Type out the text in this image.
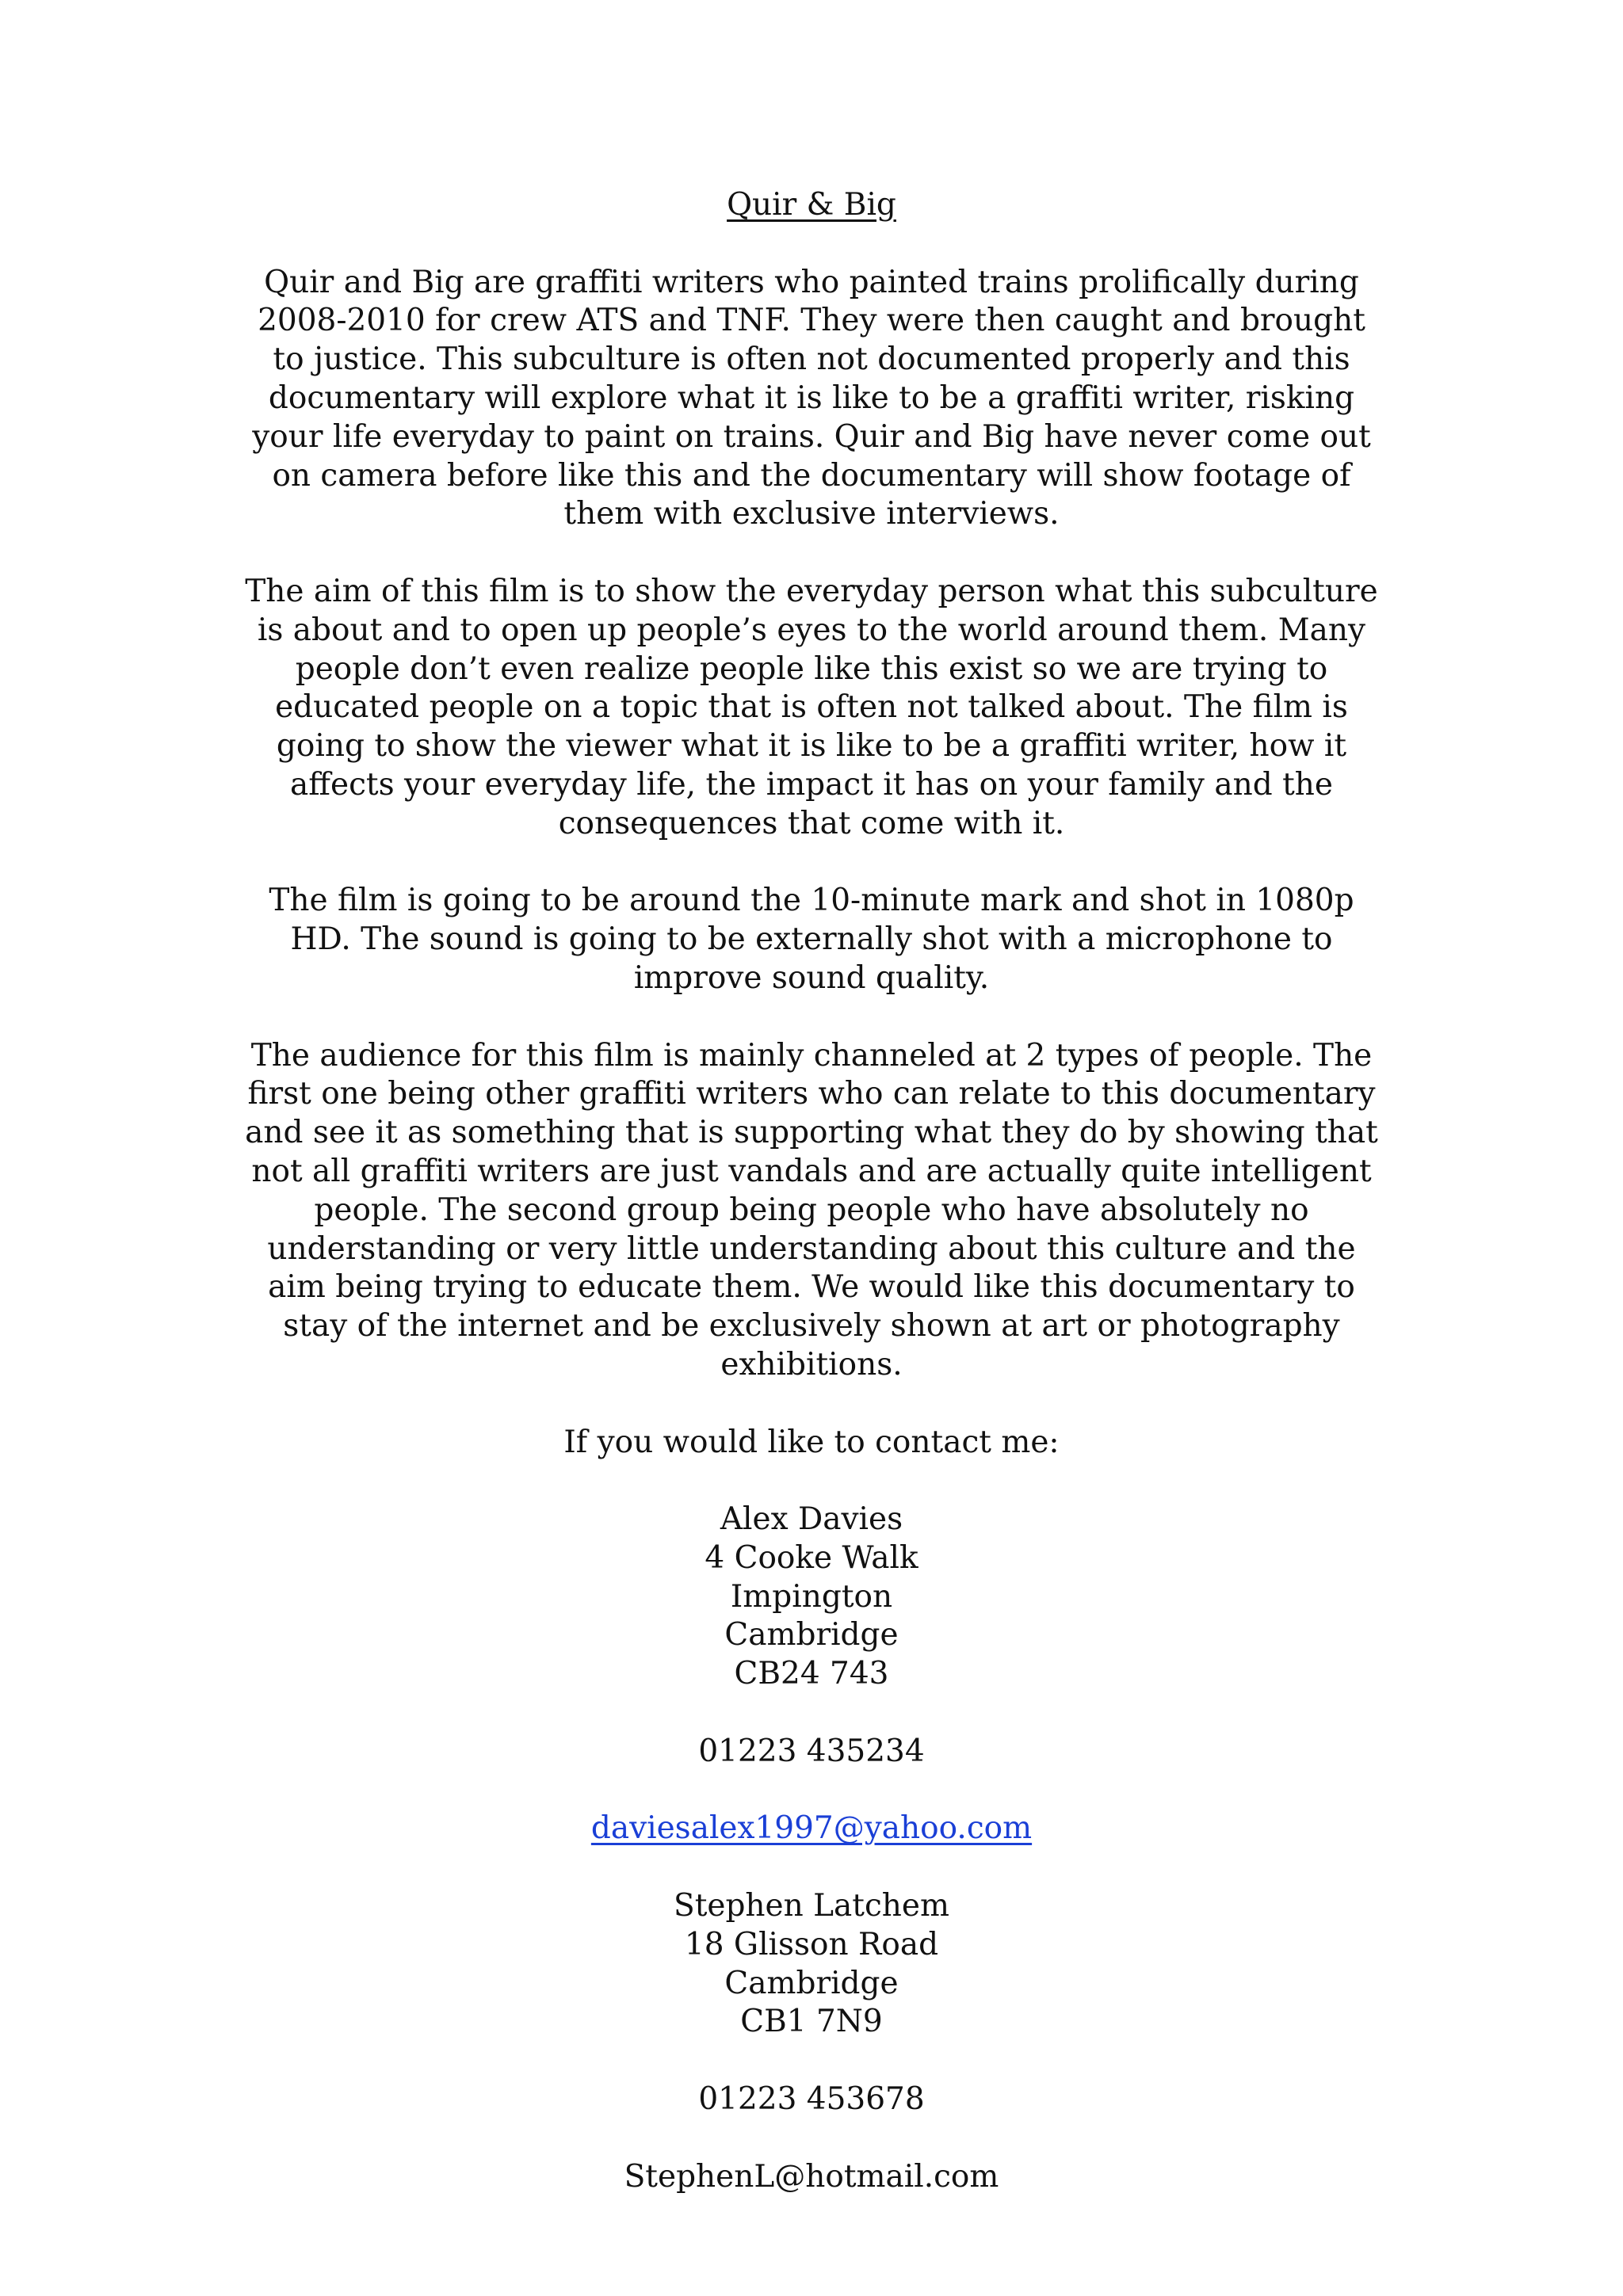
Quir & Big

Quir and Big are graffiti writers who painted trains prolifically during 2008-2010 for crew ATS and TNF. They were then caught and brought to justice. This subculture is often not documented properly and this documentary will explore what it is like to be a graffiti writer, risking your life everyday to paint on trains. Quir and Big have never come out on camera before like this and the documentary will show footage of them with exclusive interviews.

The aim of this film is to show the everyday person what this subculture is about and to open up people’s eyes to the world around them. Many people don’t even realize people like this exist so we are trying to educated people on a topic that is often not talked about. The film is going to show the viewer what it is like to be a graffiti writer, how it affects your everyday life, the impact it has on your family and the consequences that come with it.

The film is going to be around the 10-minute mark and shot in 1080p HD. The sound is going to be externally shot with a microphone to improve sound quality.

The audience for this film is mainly channeled at 2 types of people. The first one being other graffiti writers who can relate to this documentary and see it as something that is supporting what they do by showing that not all graffiti writers are just vandals and are actually quite intelligent people. The second group being people who have absolutely no understanding or very little understanding about this culture and the aim being trying to educate them. We would like this documentary to stay of the internet and be exclusively shown at art or photography exhibitions.

If you would like to contact me:

Alex Davies
4 Cooke Walk
Impington
Cambridge
CB24 743
01223 435234
daviesalex1997@yahoo.com
Stephen Latchem
18 Glisson Road
Cambridge
CB1 7N9
01223 453678
StephenL@hotmail.com
